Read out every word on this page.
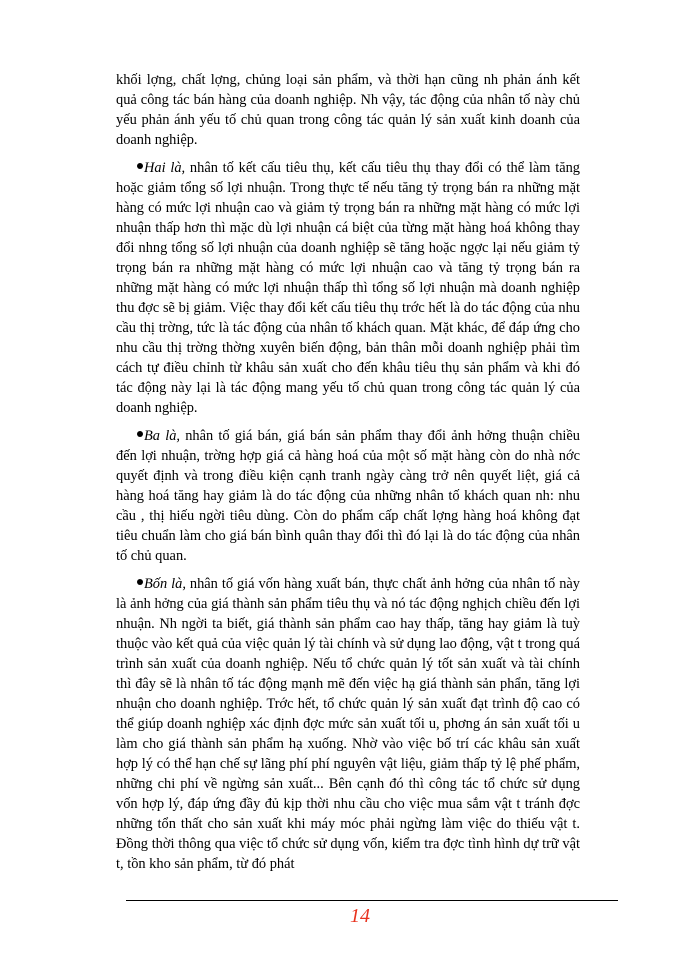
khối lợng, chất lợng, chủng loại sản phẩm, và thời hạn cũng nh phản ánh kết quả công tác bán hàng của doanh nghiệp. Nh vậy, tác động của nhân tố này chủ yếu phản ánh yếu tố chủ quan trong công tác quản lý sản xuất kinh doanh của doanh nghiệp.

Hai là, nhân tố kết cấu tiêu thụ, kết cấu tiêu thụ thay đổi có thể làm tăng hoặc giảm tổng số lợi nhuận. Trong thực tế nếu tăng tỷ trọng bán ra những mặt hàng có mức lợi nhuận cao và giảm tỷ trọng bán ra những mặt hàng có mức lợi nhuận thấp hơn thì mặc dù lợi nhuận cá biệt của từng mặt hàng hoá không thay đổi nhng tổng số lợi nhuận của doanh nghiệp sẽ tăng hoặc ngợc lại nếu giảm tỷ trọng bán ra những mặt hàng có mức lợi nhuận cao và tăng tỷ trọng bán ra những mặt hàng có mức lợi nhuận thấp thì tổng số lợi nhuận mà doanh nghiệp thu đợc sẽ bị giảm. Việc thay đổi kết cấu tiêu thụ trớc hết là do tác động của nhu cầu thị trờng, tức là tác động của nhân tố khách quan. Mặt khác, để đáp ứng cho nhu cầu thị trờng thờng xuyên biến động, bản thân mỗi doanh nghiệp phải tìm cách tự điều chỉnh từ khâu sản xuất cho đến khâu tiêu thụ sản phẩm và khi đó tác động này lại là tác động mang yếu tố chủ quan trong công tác quản lý của doanh nghiệp.

Ba là, nhân tố giá bán, giá bán sản phẩm thay đổi ảnh hởng thuận chiều đến lợi nhuận, trờng hợp giá cả hàng hoá của một số mặt hàng còn do nhà nớc quyết định và trong điều kiện cạnh tranh ngày càng trở nên quyết liệt, giá cả hàng hoá tăng hay giảm là do tác động của những nhân tố khách quan nh: nhu cầu , thị hiếu ngời tiêu dùng. Còn do phẩm cấp chất lợng hàng hoá không đạt tiêu chuẩn làm cho giá bán bình quân thay đổi thì đó lại là do tác động của nhân tố chủ quan.

Bốn là, nhân tố giá vốn hàng xuất bán, thực chất ảnh hởng của nhân tố này là ảnh hởng của giá thành sản phẩm tiêu thụ và nó tác động nghịch chiều đến lợi nhuận. Nh ngời ta biết, giá thành sản phẩm cao hay thấp, tăng hay giảm là tuỳ thuộc vào kết quả của việc quản lý tài chính và sử dụng lao động, vật t trong quá trình sản xuất của doanh nghiệp. Nếu tổ chức quản lý tốt sản xuất và tài chính thì đây sẽ là nhân tố tác động mạnh mẽ đến việc hạ giá thành sản phẩn, tăng lợi nhuận cho doanh nghiệp. Trớc hết, tổ chức quản lý sản xuất đạt trình độ cao có thể giúp doanh nghiệp xác định đợc mức sản xuất tối u, phơng án sản xuất tối u làm cho giá thành sản phẩm hạ xuống. Nhờ vào việc bố trí các khâu sản xuất hợp lý có thể hạn chế sự lãng phí phí nguyên vật liệu, giảm thấp tỷ lệ phế phẩm, những chi phí về ngừng sản xuất... Bên cạnh đó thì công tác tổ chức sử dụng vốn hợp lý, đáp ứng đầy đủ kịp thời nhu cầu cho việc mua sắm vật t tránh đợc những tổn thất cho sản xuất khi máy móc phải ngừng làm việc do thiếu vật t. Đồng thời thông qua việc tổ chức sử dụng vốn, kiểm tra đợc tình hình dự trữ vật t, tồn kho sản phẩm, từ đó phát

14
